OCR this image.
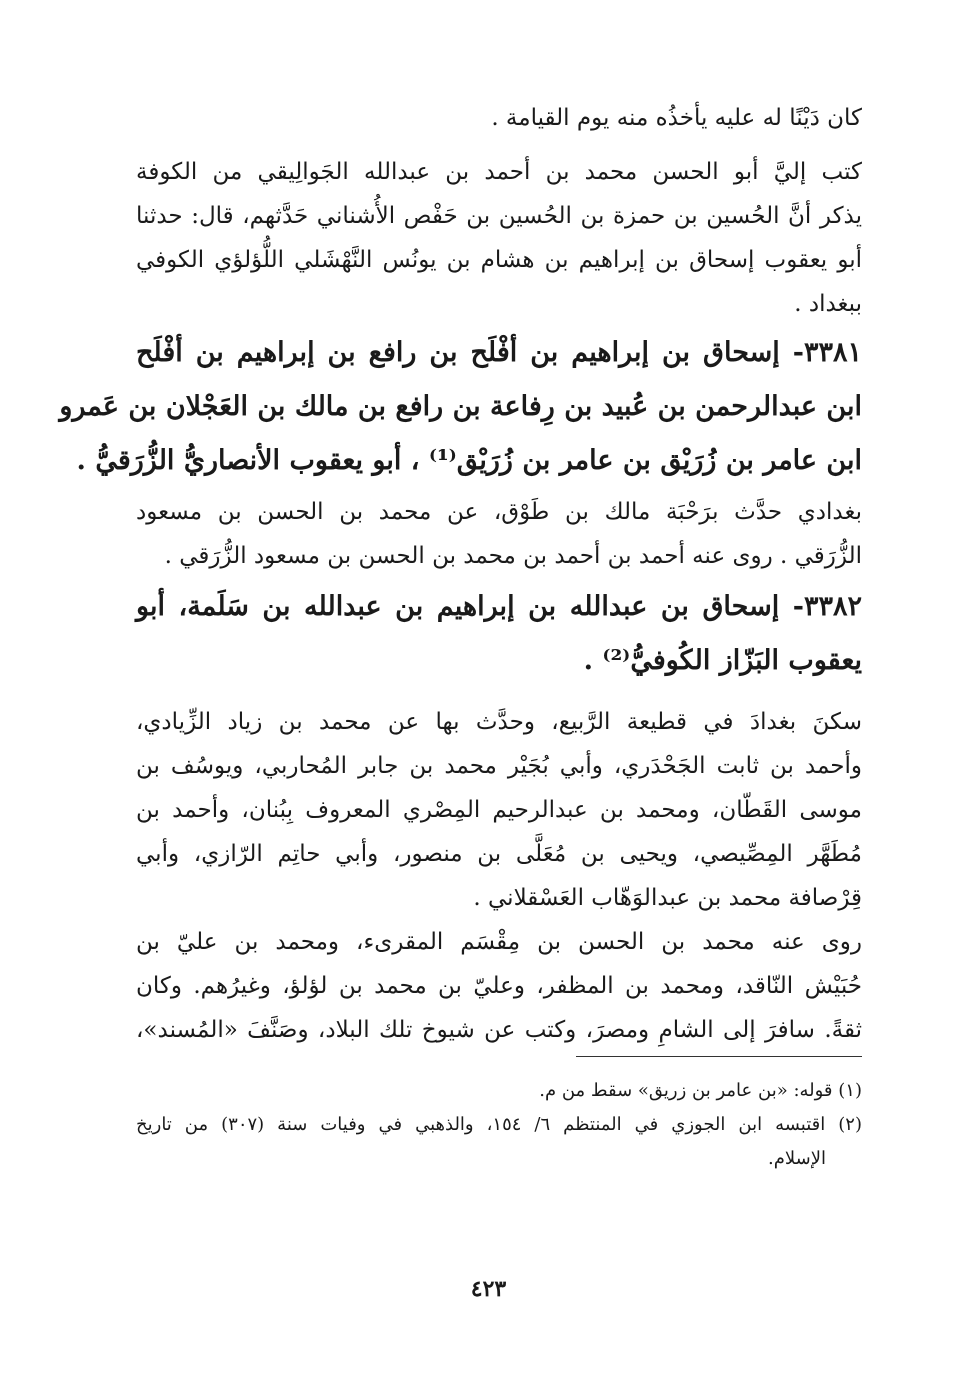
كان دَيْنًا له عليه يأخذُه منه يوم القيامة .
كتب إليَّ أبو الحسن محمد بن أحمد بن عبدالله الجَوالِيقي من الكوفة
يذكر أنَّ الحُسين بن حمزة بن الحُسين بن حَفْص الأُشناني حَدَّثهم، قال: حدثنا
أبو يعقوب إسحاق بن إبراهيم بن هشام بن يونُس النَّهْشَلي اللُّؤلؤي الكوفي
ببغداد .
٣٣٨١- إسحاق بن إبراهيم بن أفْلَح بن رافع بن إبراهيم بن أفْلَح
ابن عبدالرحمن بن عُبيد بن رِفاعة بن رافع بن مالك بن العَجْلان بن عَمرو
ابن عامر بن زُرَيْق بن عامر بن زُرَيْق⁽¹⁾ ، أبو يعقوب الأنصاريُّ الزُّرَقيُّ .
بغدادي حدَّث برَحْبَة مالك بن طَوْق، عن محمد بن الحسن بن مسعود
الزُّرَقي . روى عنه أحمد بن أحمد بن محمد بن الحسن بن مسعود الزُّرَقي .
٣٣٨٢- إسحاق بن عبدالله بن إبراهيم بن عبدالله بن سَلَمة، أبو
يعقوب البَزّاز الكُوفيُّ⁽²⁾ .
سكنَ بغدادَ في قطيعة الرَّبيع، وحدَّث بها عن محمد بن زياد الزِّيادي،
وأحمد بن ثابت الجَحْدَري، وأبي بُجَيْر محمد بن جابر المُحاربي، ويوسُف بن
موسى القَطّان، ومحمد بن عبدالرحيم المِصْري المعروف بِبُنان، وأحمد بن
مُطَهَّر المِصِّيصي، ويحيى بن مُعَلَّى بن منصور، وأبي حاتِم الرّازي، وأبي
قِرْصافة محمد بن عبدالوَهّاب العَسْقلاني .
روى عنه محمد بن الحسن بن مِقْسَم المقرىء، ومحمد بن عليّ بن
حُبَيْش النّاقد، ومحمد بن المظفر، وعليّ بن محمد بن لؤلؤ، وغيرُهم. وكان
ثقةً. سافرَ إلى الشامِ ومصرَ، وكتب عن شيوخ تلك البلاد، وصَنَّفَ «المُسند»،
(١) قوله: «بن عامر بن زريق» سقط من م.
(٢) اقتبسه ابن الجوزي في المنتظم ٦/ ١٥٤، والذهبي في وفيات سنة (٣٠٧) من تاريخ
الإسلام.
٤٢٣
